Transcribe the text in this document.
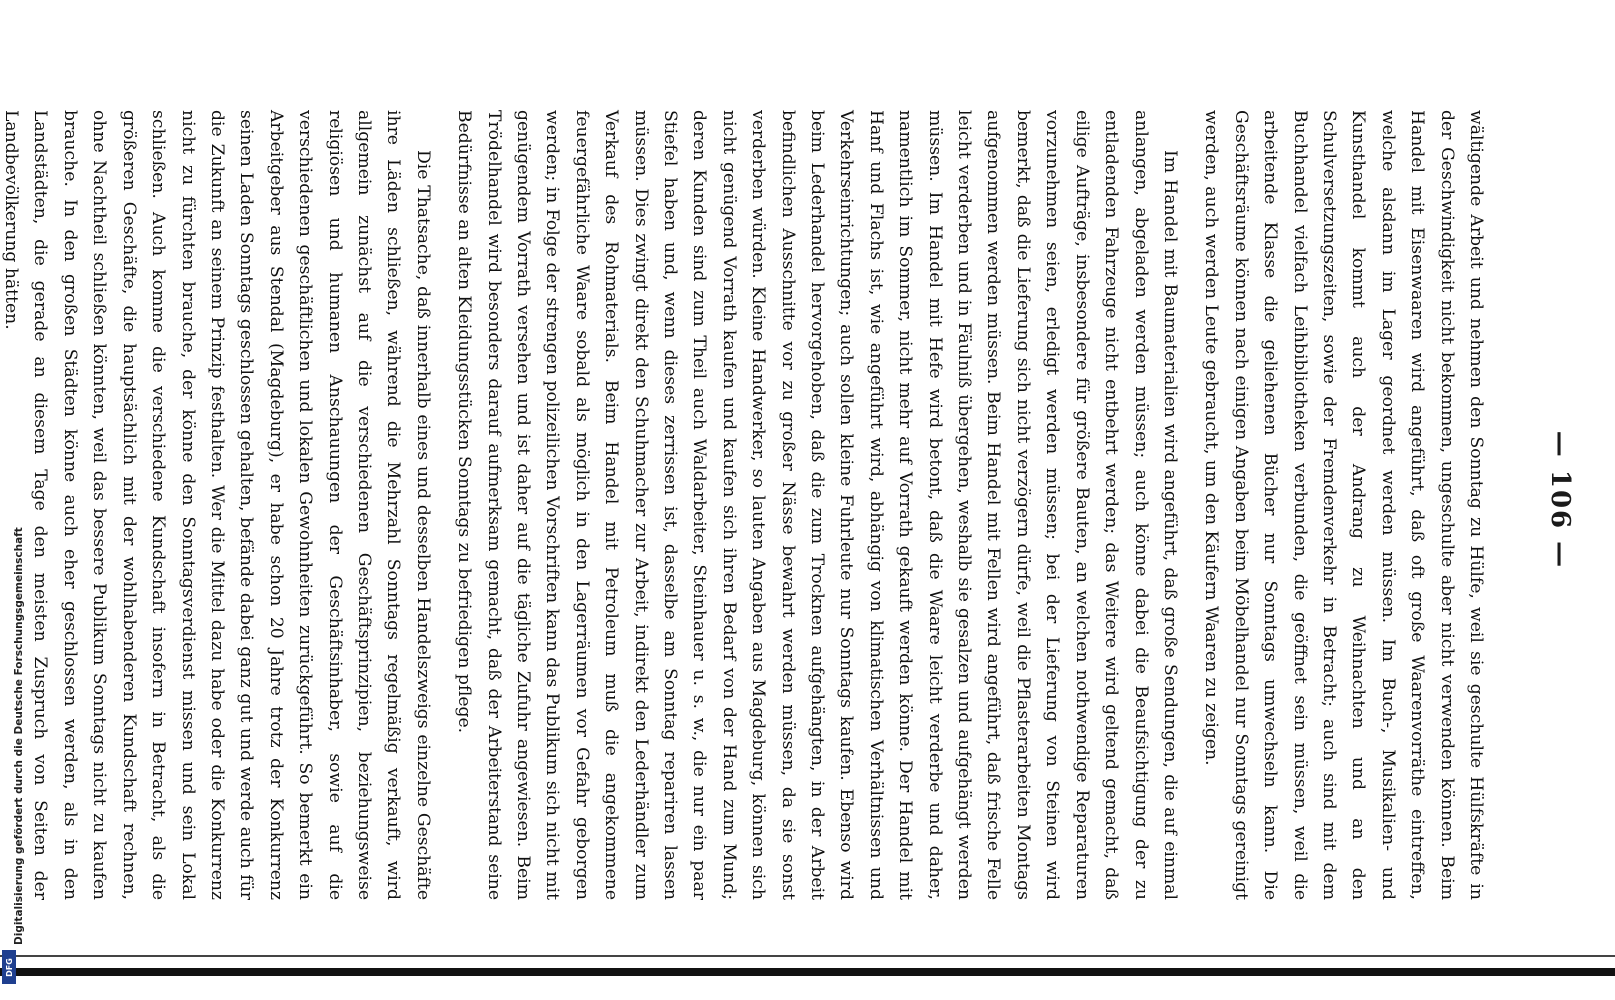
— 106 —

wältigende Arbeit und nehmen den Sonntag zu Hülfe, weil sie geschulte Hülfskräfte in der Geschwindigkeit nicht bekommen, ungeschulte aber nicht verwenden können. Beim Handel mit Eisenwaaren wird angeführt, daß oft große Waarenvorräthe eintreffen, welche alsdann im Lager geordnet werden müssen. Im Buch-, Musikalien- und Kunsthandel kommt auch der Andrang zu Weihnachten und an den Schulversetzungszeiten, sowie der Fremdenverkehr in Betracht; auch sind mit dem Buchhandel vielfach Leihbibliotheken verbunden, die geöffnet sein müssen, weil die arbeitende Klasse die geliehenen Bücher nur Sonntags umwechseln kann. Die Geschäftsräume können nach einigen Angaben beim Möbelhandel nur Sonntags gereinigt werden, auch werden Leute gebraucht, um den Käufern Waaren zu zeigen.

Im Handel mit Baumaterialien wird angeführt, daß große Sendungen, die auf einmal anlangen, abgeladen werden müssen; auch könne dabei die Beaufsichtigung der zu entladenden Fahrzeuge nicht entbehrt werden; das Weitere wird geltend gemacht, daß eilige Aufträge, insbesondere für größere Bauten, an welchen nothwendige Reparaturen vorzunehmen seien, erledigt werden müssen; bei der Lieferung von Steinen wird bemerkt, daß die Lieferung sich nicht verzögern dürfe, weil die Pflasterarbeiten Montags aufgenommen werden müssen. Beim Handel mit Fellen wird angeführt, daß frische Felle leicht verderben und in Fäulniß übergehen, weshalb sie gesalzen und aufgehängt werden müssen. Im Handel mit Hefe wird betont, daß die Waare leicht verderbe und daher, namentlich im Sommer, nicht mehr auf Vorrath gekauft werden könne. Der Handel mit Hanf und Flachs ist, wie angeführt wird, abhängig von klimatischen Verhältnissen und Verkehrseinrichtungen; auch sollen kleine Fuhrleute nur Sonntags kaufen. Ebenso wird beim Lederhandel hervorgehoben, daß die zum Trocknen aufgehängten, in der Arbeit befindlichen Ausschnitte vor zu großer Nässe bewahrt werden müssen, da sie sonst verderben würden. Kleine Handwerker, so lauten Angaben aus Magdeburg, können sich nicht genügend Vorrath kaufen und kaufen sich ihren Bedarf von der Hand zum Mund; deren Kunden sind zum Theil auch Waldarbeiter, Steinhauer u. s. w., die nur ein paar Stiefel haben und, wenn dieses zerrissen ist, dasselbe am Sonntag repariren lassen müssen. Dies zwingt direkt den Schuhmacher zur Arbeit, indirekt den Lederhändler zum Verkauf des Rohmaterials. Beim Handel mit Petroleum muß die angekommene feuergefährliche Waare sobald als möglich in den Lagerräumen vor Gefahr geborgen werden; in Folge der strengen polizeilichen Vorschriften kann das Publikum sich nicht mit genügendem Vorrath versehen und ist daher auf die tägliche Zufuhr angewiesen. Beim Trödelhandel wird besonders darauf aufmerksam gemacht, daß der Arbeiterstand seine Bedürfnisse an alten Kleidungsstücken Sonntags zu befriedigen pflege.

Die Thatsache, daß innerhalb eines und desselben Handelszweigs einzelne Geschäfte ihre Läden schließen, während die Mehrzahl Sonntags regelmäßig verkauft, wird allgemein zunächst auf die verschiedenen Geschäftsprinzipien, beziehungsweise religiösen und humanen Anschauungen der Geschäftsinhaber, sowie auf die verschiedenen geschäftlichen und lokalen Gewohnheiten zurückgeführt. So bemerkt ein Arbeitgeber aus Stendal (Magdeburg), er habe schon 20 Jahre trotz der Konkurrenz seinen Laden Sonntags geschlossen gehalten, befände dabei ganz gut und werde auch für die Zukunft an seinem Prinzip festhalten. Wer die Mittel dazu habe oder die Konkurrenz nicht zu fürchten brauche, der könne den Sonntagsverdienst missen und sein Lokal schließen. Auch komme die verschiedene Kundschaft insofern in Betracht, als die größeren Geschäfte, die hauptsächlich mit der wohlhabenderen Kundschaft rechnen, ohne Nachtheil schließen könnten, weil das bessere Publikum Sonntags nicht zu kaufen brauche. In den großen Städten könne auch eher geschlossen werden, als in den Landstädten, die gerade an diesem Tage den meisten Zuspruch von Seiten der Landbevölkerung hätten.

Digitalisierung gefördert durch die Deutsche Forschungsgemeinschaft
DFG
